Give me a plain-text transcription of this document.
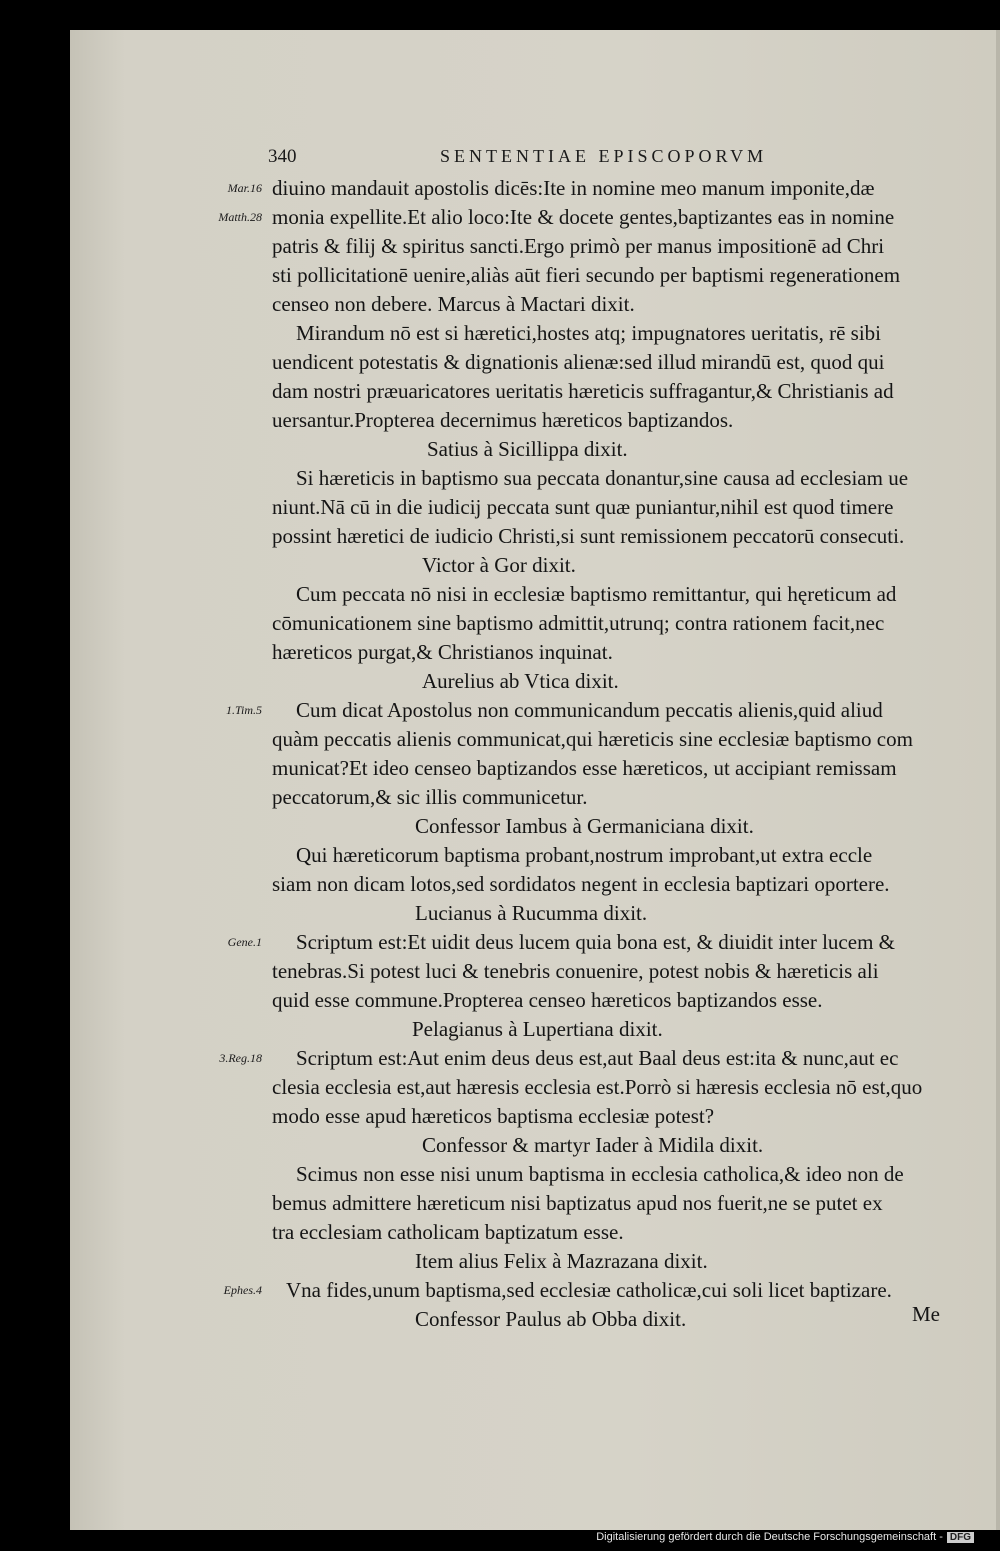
340	SENTENTIAE EPISCOPORVM
diuino mandauit apostolis dicēs:Ite in nomine meo manum imponite,dæ
monia expellite.Et alio loco:Ite & docete gentes,baptizantes eas in nomine
patris & filij & spiritus sancti.Ergo primò per manus impositionē ad Chri
sti pollicitationē uenire,aliàs aūt fieri secundo per baptismi regenerationem
censeo non debere. Marcus à Mactari dixit.
Mirandum nō est si hæretici,hostes atq; impugnatores ueritatis, rē sibi
uendicent potestatis & dignationis alienæ:sed illud mirandū est, quod qui
dam nostri præuaricatores ueritatis hæreticis suffragantur,& Christianis ad
uersantur.Propterea decernimus hæreticos baptizandos.
Satius à Sicillippa dixit.
Si hæreticis in baptismo sua peccata donantur,sine causa ad ecclesiam ue
niunt.Nā cū in die iudicij peccata sunt quæ puniantur,nihil est quod timere
possint hæretici de iudicio Christi,si sunt remissionem peccatorū consecuti.
Victor à Gor dixit.
Cum peccata nō nisi in ecclesiæ baptismo remittantur, qui hęreticum ad
cōmunicationem sine baptismo admittit,utrunq; contra rationem facit,nec
hæreticos purgat,& Christianos inquinat.
Aurelius ab Vtica dixit.
Cum dicat Apostolus non communicandum peccatis alienis,quid aliud
quàm peccatis alienis communicat,qui hæreticis sine ecclesiæ baptismo com
municat?Et ideo censeo baptizandos esse hæreticos, ut accipiant remissam
peccatorum,& sic illis communicetur.
Confessor Iambus à Germaniciana dixit.
Qui hæreticorum baptisma probant,nostrum improbant,ut extra eccle
siam non dicam lotos,sed sordidatos negent in ecclesia baptizari oportere.
Lucianus à Rucumma dixit.
Scriptum est:Et uidit deus lucem quia bona est, & diuidit inter lucem &
tenebras.Si potest luci & tenebris conuenire, potest nobis & hæreticis ali
quid esse commune.Propterea censeo hæreticos baptizandos esse.
Pelagianus à Lupertiana dixit.
Scriptum est:Aut enim deus deus est,aut Baal deus est:ita & nunc,aut ec
clesia ecclesia est,aut hæresis ecclesia est.Porrò si hæresis ecclesia nō est,quo
modo esse apud hæreticos baptisma ecclesiæ potest?
Confessor & martyr Iader à Midila dixit.
Scimus non esse nisi unum baptisma in ecclesia catholica,& ideo non de
bemus admittere hæreticum nisi baptizatus apud nos fuerit,ne se putet ex
tra ecclesiam catholicam baptizatum esse.
Item alius Felix à Mazrazana dixit.
Vna fides,unum baptisma,sed ecclesiæ catholicæ,cui soli licet baptizare.
Confessor Paulus ab Obba dixit.
Mar.16
Matth.28
1.Tim.5
Gene.1
3.Reg.18
Ephes.4
Me
Digitalisierung gefördert durch die Deutsche Forschungsgemeinschaft - DFG
